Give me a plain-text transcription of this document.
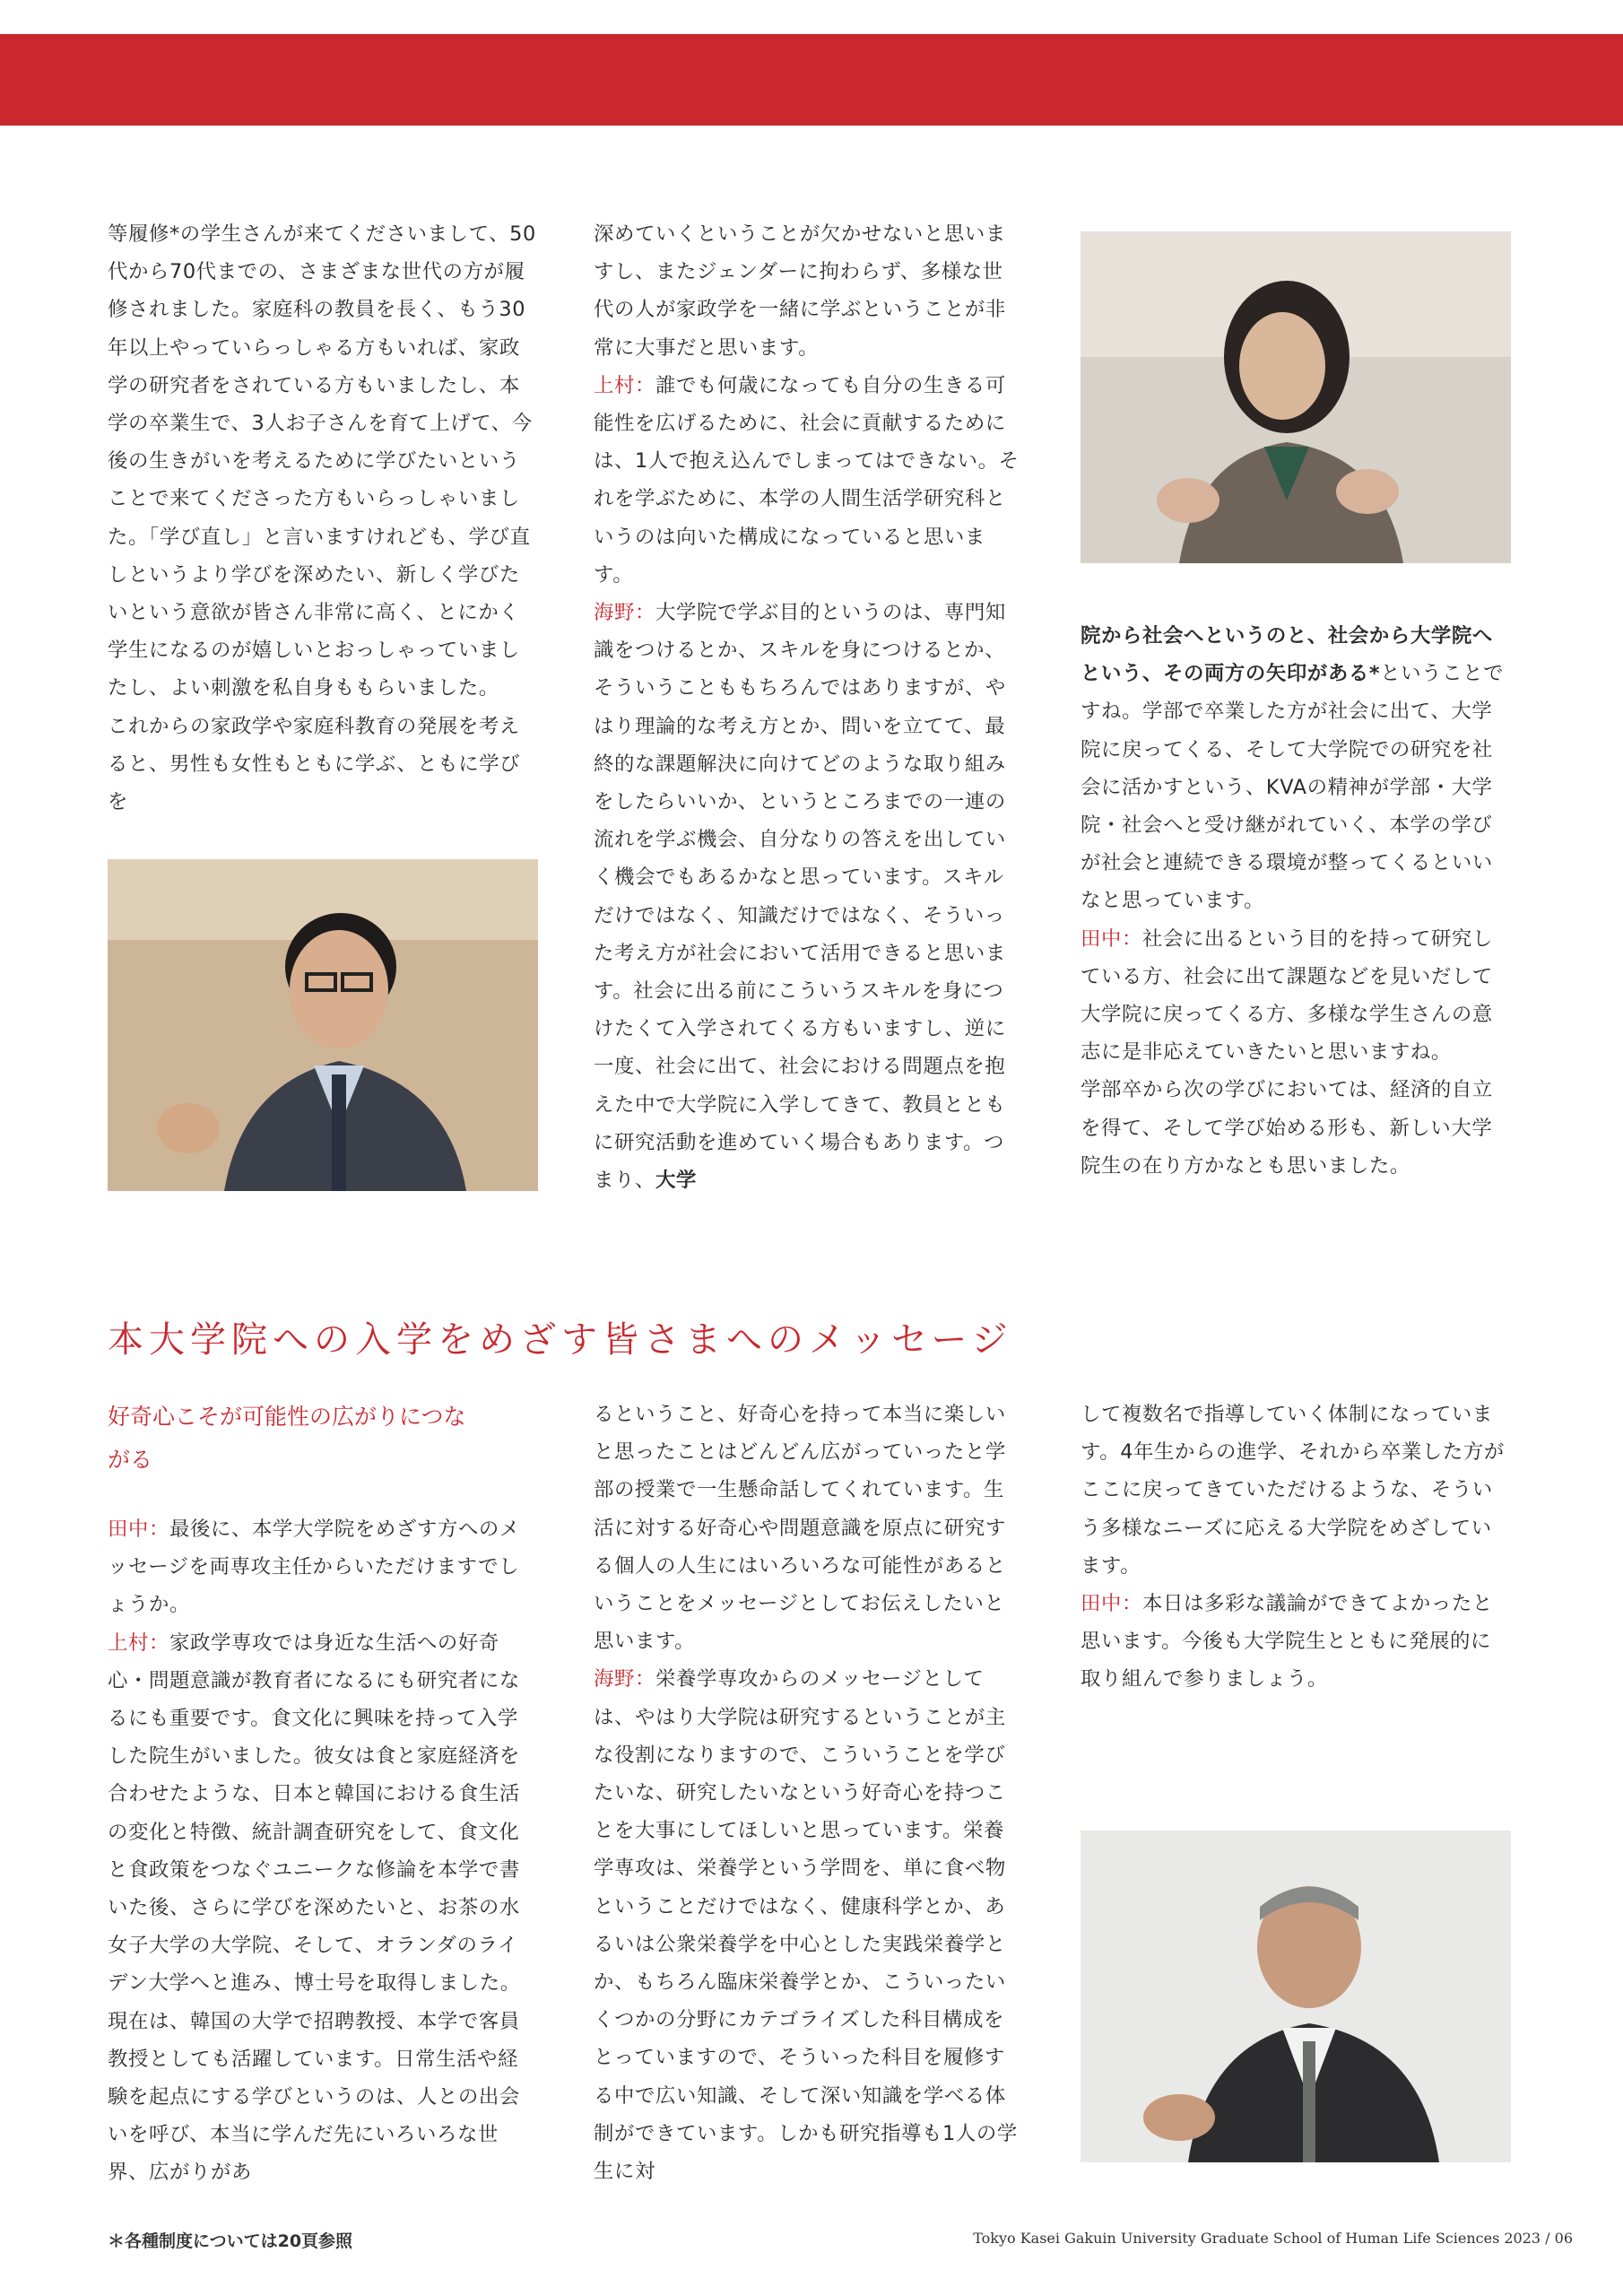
等履修*の学生さんが来てくださいまして、50代から70代までの、さまざまな世代の方が履修されました。家庭科の教員を長く、もう30年以上やっていらっしゃる方もいれば、家政学の研究者をされている方もいましたし、本学の卒業生で、3人お子さんを育て上げて、今後の生きがいを考えるために学びたいということで来てくださった方もいらっしゃいました。「学び直し」と言いますけれども、学び直しというより学びを深めたい、新しく学びたいという意欲が皆さん非常に高く、とにかく学生になるのが嬉しいとおっしゃっていましたし、よい刺激を私自身ももらいました。

これからの家政学や家庭科教育の発展を考えると、男性も女性もともに学ぶ、ともに学びを

深めていくということが欠かせないと思いますし、またジェンダーに拘わらず、多様な世代の人が家政学を一緒に学ぶということが非常に大事だと思います。

上村：誰でも何歳になっても自分の生きる可能性を広げるために、社会に貢献するためには、1人で抱え込んでしまってはできない。それを学ぶために、本学の人間生活学研究科というのは向いた構成になっていると思います。

海野：大学院で学ぶ目的というのは、専門知識をつけるとか、スキルを身につけるとか、そういうことももちろんではありますが、やはり理論的な考え方とか、問いを立てて、最終的な課題解決に向けてどのような取り組みをしたらいいか、というところまでの一連の流れを学ぶ機会、自分なりの答えを出していく機会でもあるかなと思っています。スキルだけではなく、知識だけではなく、そういった考え方が社会において活用できると思います。社会に出る前にこういうスキルを身につけたくて入学されてくる方もいますし、逆に一度、社会に出て、社会における問題点を抱えた中で大学院に入学してきて、教員とともに研究活動を進めていく場合もあります。つまり、大学

院から社会へというのと、社会から大学院へという、その両方の矢印がある*ということですね。学部で卒業した方が社会に出て、大学院に戻ってくる、そして大学院での研究を社会に活かすという、KVAの精神が学部・大学院・社会へと受け継がれていく、本学の学びが社会と連続できる環境が整ってくるといいなと思っています。

田中：社会に出るという目的を持って研究している方、社会に出て課題などを見いだして大学院に戻ってくる方、多様な学生さんの意志に是非応えていきたいと思いますね。

学部卒から次の学びにおいては、経済的自立を得て、そして学び始める形も、新しい大学院生の在り方かなとも思いました。

本大学院への入学をめざす皆さまへのメッセージ
好奇心こそが可能性の広がりにつながる

田中：最後に、本学大学院をめざす方へのメッセージを両専攻主任からいただけますでしょうか。

上村：家政学専攻では身近な生活への好奇心・問題意識が教育者になるにも研究者になるにも重要です。食文化に興味を持って入学した院生がいました。彼女は食と家庭経済を合わせたような、日本と韓国における食生活の変化と特徴、統計調査研究をして、食文化と食政策をつなぐユニークな修論を本学で書いた後、さらに学びを深めたいと、お茶の水女子大学の大学院、そして、オランダのライデン大学へと進み、博士号を取得しました。現在は、韓国の大学で招聘教授、本学で客員教授としても活躍しています。日常生活や経験を起点にする学びというのは、人との出会いを呼び、本当に学んだ先にいろいろな世界、広がりがあ

るということ、好奇心を持って本当に楽しいと思ったことはどんどん広がっていったと学部の授業で一生懸命話してくれています。生活に対する好奇心や問題意識を原点に研究する個人の人生にはいろいろな可能性があるということをメッセージとしてお伝えしたいと思います。

海野：栄養学専攻からのメッセージとしては、やはり大学院は研究するということが主な役割になりますので、こういうことを学びたいな、研究したいなという好奇心を持つことを大事にしてほしいと思っています。栄養学専攻は、栄養学という学問を、単に食べ物ということだけではなく、健康科学とか、あるいは公衆栄養学を中心とした実践栄養学とか、もちろん臨床栄養学とか、こういったいくつかの分野にカテゴライズした科目構成をとっていますので、そういった科目を履修する中で広い知識、そして深い知識を学べる体制ができています。しかも研究指導も1人の学生に対

して複数名で指導していく体制になっています。4年生からの進学、それから卒業した方がここに戻ってきていただけるような、そういう多様なニーズに応える大学院をめざしています。

田中：本日は多彩な議論ができてよかったと思います。今後も大学院生とともに発展的に取り組んで参りましょう。

＊各種制度については20頁参照	Tokyo Kasei Gakuin University Graduate School of Human Life Sciences 2023 / 06
